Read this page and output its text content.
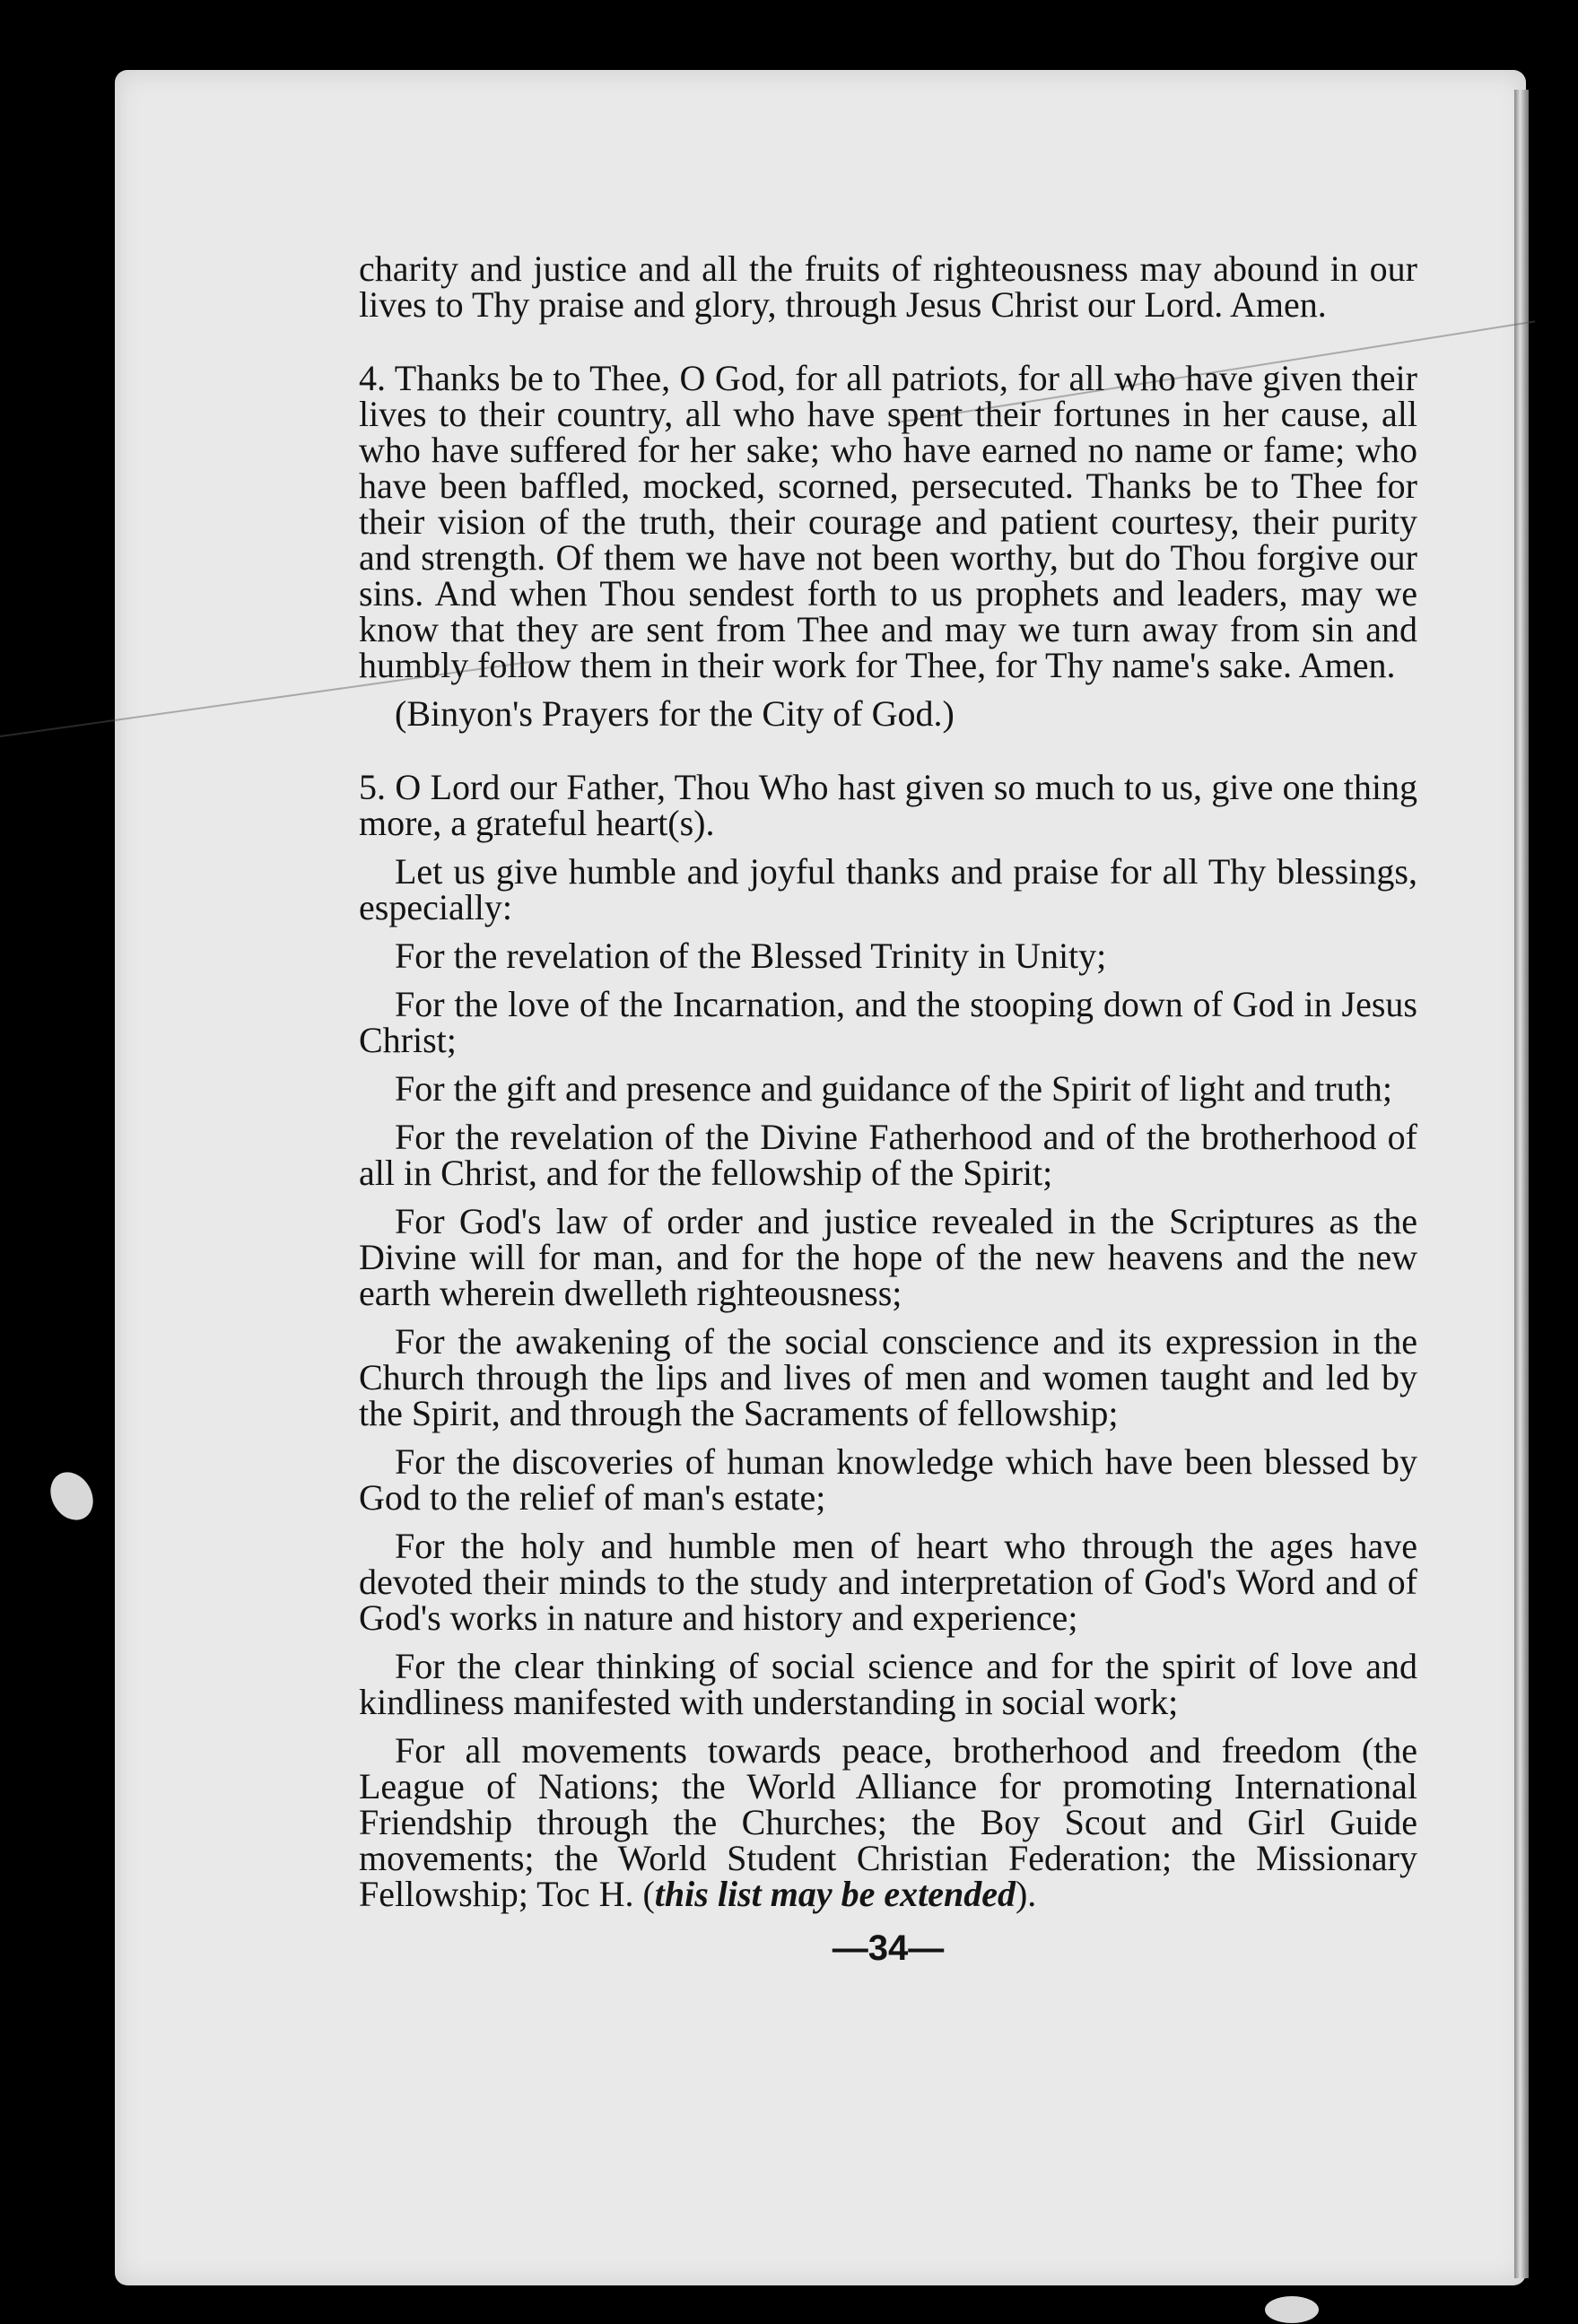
charity and justice and all the fruits of righteousness may abound in our lives to Thy praise and glory, through Jesus Christ our Lord. Amen.

4. Thanks be to Thee, O God, for all patriots, for all who have given their lives to their country, all who have spent their fortunes in her cause, all who have suffered for her sake; who have earned no name or fame; who have been baffled, mocked, scorned, persecuted. Thanks be to Thee for their vision of the truth, their courage and patient courtesy, their purity and strength. Of them we have not been worthy, but do Thou forgive our sins. And when Thou sendest forth to us prophets and leaders, may we know that they are sent from Thee and may we turn away from sin and humbly follow them in their work for Thee, for Thy name's sake. Amen.

(Binyon's Prayers for the City of God.)

5. O Lord our Father, Thou Who hast given so much to us, give one thing more, a grateful heart(s).

Let us give humble and joyful thanks and praise for all Thy blessings, especially:

For the revelation of the Blessed Trinity in Unity;

For the love of the Incarnation, and the stooping down of God in Jesus Christ;

For the gift and presence and guidance of the Spirit of light and truth;

For the revelation of the Divine Fatherhood and of the brotherhood of all in Christ, and for the fellowship of the Spirit;

For God's law of order and justice revealed in the Scriptures as the Divine will for man, and for the hope of the new heavens and the new earth wherein dwelleth righteousness;

For the awakening of the social conscience and its expression in the Church through the lips and lives of men and women taught and led by the Spirit, and through the Sacraments of fellowship;

For the discoveries of human knowledge which have been blessed by God to the relief of man's estate;

For the holy and humble men of heart who through the ages have devoted their minds to the study and interpretation of God's Word and of God's works in nature and history and experience;

For the clear thinking of social science and for the spirit of love and kindliness manifested with understanding in social work;

For all movements towards peace, brotherhood and freedom (the League of Nations; the World Alliance for promoting International Friendship through the Churches; the Boy Scout and Girl Guide movements; the World Student Christian Federation; the Missionary Fellowship; Toc H. (this list may be extended).

—34—
